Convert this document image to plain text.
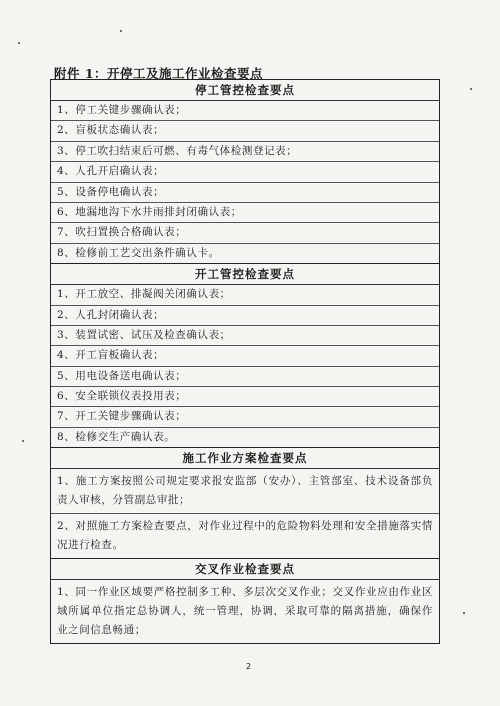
附件 1：开停工及施工作业检查要点
停工管控检查要点
1、停工关键步骤确认表；
2、盲板状态确认表；
3、停工吹扫结束后可燃、有毒气体检测登记表；
4、人孔开启确认表；
5、设备停电确认表；
6、地漏地沟下水井雨排封闭确认表；
7、吹扫置换合格确认表；
8、检修前工艺交出条件确认卡。
开工管控检查要点
1、开工放空、排凝阀关闭确认表；
2、人孔封闭确认表；
3、装置试密、试压及检查确认表；
4、开工盲板确认表；
5、用电设备送电确认表；
6、安全联锁仪表投用表；
7、开工关键步骤确认表；
8、检修交生产确认表。
施工作业方案检查要点
1、施工方案按照公司规定要求报安监部（安办）、主管部室、技术设备部负责人审核，分管副总审批；
2、对照施工方案检查要点，对作业过程中的危险物料处理和安全措施落实情况进行检查。
交叉作业检查要点
1、同一作业区域要严格控制多工种、多层次交叉作业；交叉作业应由作业区域所属单位指定总协调人，统一管理，协调，采取可靠的隔离措施，确保作业之间信息畅通；
2
